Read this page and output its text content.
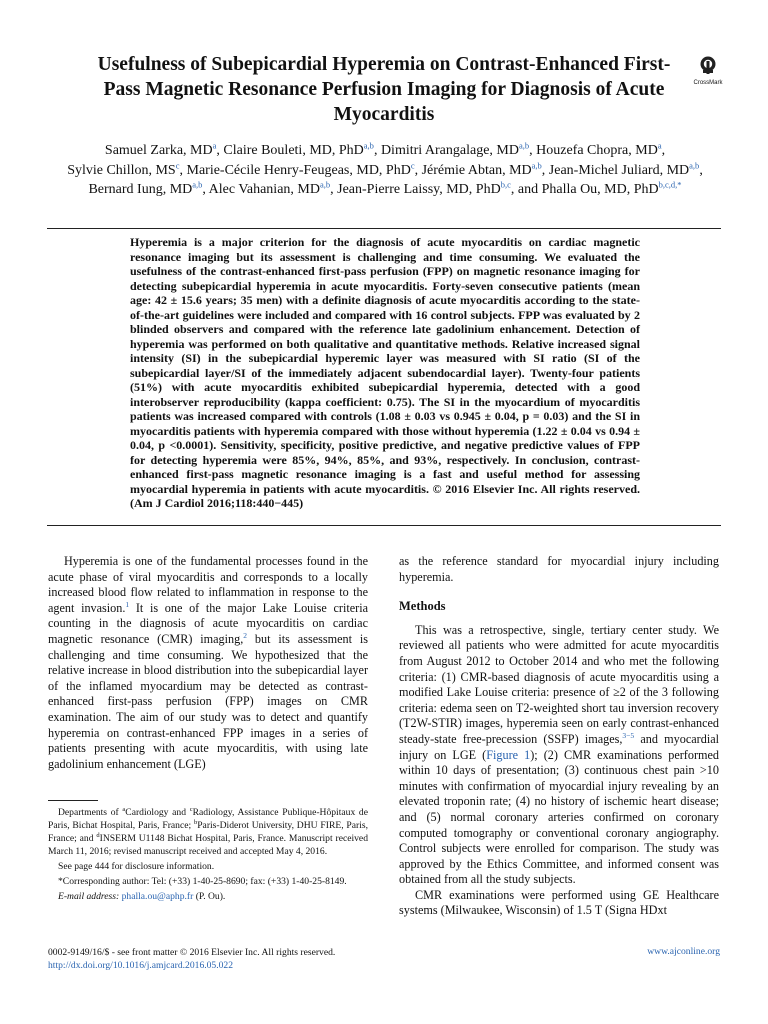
Usefulness of Subepicardial Hyperemia on Contrast-Enhanced First-Pass Magnetic Resonance Perfusion Imaging for Diagnosis of Acute Myocarditis
CrossMark
Samuel Zarka, $MD^a$, Claire Bouleti, MD, PhD$^{a,b}$, Dimitri Arangalage, MD$^{a,b}$, Houzefa Chopra, $MD^a$, Sylvie Chillon, $MS^c$, Marie-Cécile Henry-Feugeas, MD, PhD$^c$, Jérémie Abtan, MD$^{a,b}$, Jean-Michel Juliard, MD$^{a,b}$, Bernard Iung, MD$^{a,b}$, Alec Vahanian, MD$^{a,b}$, Jean-Pierre Laissy, MD, PhD$^{b,c}$, and Phalla Ou, MD, PhD$^{b,c,d,*}$

Hyperemia is a major criterion for the diagnosis of acute myocarditis on cardiac magnetic resonance imaging but its assessment is challenging and time consuming. We evaluated the usefulness of the contrast-enhanced first-pass perfusion (FPP) on magnetic resonance imaging for detecting subepicardial hyperemia in acute myocarditis. Forty-seven consecutive patients (mean age: 42 ± 15.6 years; 35 men) with a definite diagnosis of acute myocarditis according to the state-of-the-art guidelines were included and compared with 16 control subjects. FPP was evaluated by 2 blinded observers and compared with the reference late gadolinium enhancement. Detection of hyperemia was performed on both qualitative and quantitative methods. Relative increased signal intensity (SI) in the subepicardial hyperemic layer was measured with SI ratio (SI of the subepicardial layer/SI of the immediately adjacent subendocardial layer). Twenty-four patients (51%) with acute myocarditis exhibited subepicardial hyperemia, detected with a good interobserver reproducibility (kappa coefficient: 0.75). The SI in the myocardium of myocarditis patients was increased compared with controls (1.08 ± 0.03 vs 0.945 ± 0.04, p = 0.03) and the SI in myocarditis patients with hyperemia compared with those without hyperemia (1.22 ± 0.04 vs 0.94 ± 0.04, p <0.0001). Sensitivity, specificity, positive predictive, and negative predictive values of FPP for detecting hyperemia were 85%, 94%, 85%, and 93%, respectively. In conclusion, contrast-enhanced first-pass magnetic resonance imaging is a fast and useful method for assessing myocardial hyperemia in patients with acute myocarditis. © 2016 Elsevier Inc. All rights reserved. (Am J Cardiol 2016;118:440−445)

Hyperemia is one of the fundamental processes found in the acute phase of viral myocarditis and corresponds to a locally increased blood flow related to inflammation in response to the agent invasion.$^1$ It is one of the major Lake Louise criteria counting in the diagnosis of acute myocarditis on cardiac magnetic resonance (CMR) imaging,$^2$ but its assessment is challenging and time consuming. We hypothesized that the relative increase in blood distribution into the subepicardial layer of the inflamed myocardium may be detected as contrast-enhanced first-pass perfusion (FPP) images on CMR examination. The aim of our study was to detect and quantify hyperemia on contrast-enhanced FPP images in a series of patients presenting with acute myocarditis, with using late gadolinium enhancement (LGE)

Departments of $^a$Cardiology and $^c$Radiology, Assistance Publique-Hôpitaux de Paris, Bichat Hospital, Paris, France; $^b$Paris-Diderot University, DHU FIRE, Paris, France; and $^d$INSERM U1148 Bichat Hospital, Paris, France. Manuscript received March 11, 2016; revised manuscript received and accepted May 4, 2016.

See page 444 for disclosure information.

*Corresponding author: Tel: (+33) 1-40-25-8690; fax: (+33) 1-40-25-8149.

E-mail address: phalla.ou@aphp.fr (P. Ou).

0002-9149/16/$ - see front matter © 2016 Elsevier Inc. All rights reserved.
http://dx.doi.org/10.1016/j.amjcard.2016.05.022
www.ajconline.org

as the reference standard for myocardial injury including hyperemia.

Methods

This was a retrospective, single, tertiary center study. We reviewed all patients who were admitted for acute myocarditis from August 2012 to October 2014 and who met the following criteria: (1) CMR-based diagnosis of acute myocarditis using a modified Lake Louise criteria: presence of ≥2 of the 3 following criteria: edema seen on T2-weighted short tau inversion recovery (T2W-STIR) images, hyperemia seen on early contrast-enhanced steady-state free-precession (SSFP) images,$^{3-5}$ and myocardial injury on LGE (Figure 1); (2) CMR examinations performed within 10 days of presentation; (3) continuous chest pain >10 minutes with confirmation of myocardial injury revealing by an elevated troponin rate; (4) no history of ischemic heart disease; and (5) normal coronary arteries confirmed on coronary computed tomography or conventional coronary angiography. Control subjects were enrolled for comparison. The study was approved by the Ethics Committee, and informed consent was obtained from all the study subjects.

CMR examinations were performed using GE Healthcare systems (Milwaukee, Wisconsin) of 1.5 T (Signa HDxt
